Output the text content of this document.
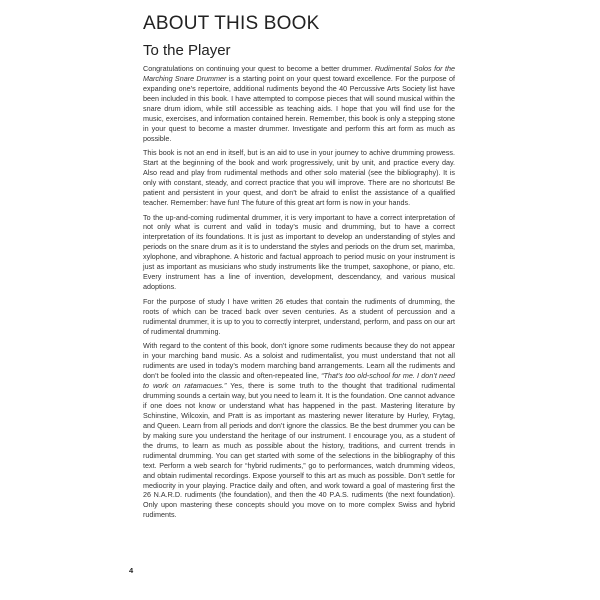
ABOUT THIS BOOK
To the Player

Congratulations on continuing your quest to become a better drummer. Rudimental Solos for the Marching Snare Drummer is a starting point on your quest toward excellence. For the purpose of expanding one’s repertoire, additional rudiments beyond the 40 Percussive Arts Society list have been included in this book. I have attempted to compose pieces that will sound musical within the snare drum idiom, while still accessible as teaching aids. I hope that you will find use for the music, exercises, and information contained herein. Remember, this book is only a stepping stone in your quest to become a master drummer. Investigate and perform this art form as much as possible.

This book is not an end in itself, but is an aid to use in your journey to achive drumming prowess. Start at the beginning of the book and work progressively, unit by unit, and practice every day. Also read and play from rudimental methods and other solo material (see the bibliography). It is only with constant, steady, and correct practice that you will improve. There are no shortcuts! Be patient and persistent in your quest, and don’t be afraid to enlist the assistance of a qualified teacher. Remember: have fun! The future of this great art form is now in your hands.

To the up-and-coming rudimental drummer, it is very important to have a correct interpretation of not only what is current and valid in today’s music and drumming, but to have a correct interpretation of its foundations. It is just as important to develop an understanding of styles and periods on the snare drum as it is to understand the styles and periods on the drum set, marimba, xylophone, and vibraphone. A historic and factual approach to period music on your instrument is just as important as musicians who study instruments like the trumpet, saxophone, or piano, etc. Every instrument has a line of invention, development, descendancy, and various musical adoptions.

For the purpose of study I have written 26 etudes that contain the rudiments of drumming, the roots of which can be traced back over seven centuries. As a student of percussion and a rudimental drummer, it is up to you to correctly interpret, understand, perform, and pass on our art of rudimental drumming.

With regard to the content of this book, don’t ignore some rudiments because they do not appear in your marching band music. As a soloist and rudimentalist, you must understand that not all rudiments are used in today’s modern marching band arrangements. Learn all the rudiments and don’t be fooled into the classic and often-repeated line, “That’s too old-school for me. I don’t need to work on ratamacues.” Yes, there is some truth to the thought that traditional rudimental drumming sounds a certain way, but you need to learn it. It is the foundation. One cannot advance if one does not know or understand what has happened in the past. Mastering literature by Schinstine, Wilcoxin, and Pratt is as important as mastering newer literature by Hurley, Frytag, and Queen. Learn from all periods and don’t ignore the classics. Be the best drummer you can be by making sure you understand the heritage of our instrument. I encourage you, as a student of the drums, to learn as much as possible about the history, traditions, and current trends in rudimental drumming. You can get started with some of the selections in the bibliography of this text. Perform a web search for “hybrid rudiments,” go to performances, watch drumming videos, and obtain rudimental recordings. Expose yourself to this art as much as possible. Don’t settle for mediocrity in your playing. Practice daily and often, and work toward a goal of mastering first the 26 N.A.R.D. rudiments (the foundation), and then the 40 P.A.S. rudiments (the next foundation). Only upon mastering these concepts should you move on to more complex Swiss and hybrid rudiments.

4
